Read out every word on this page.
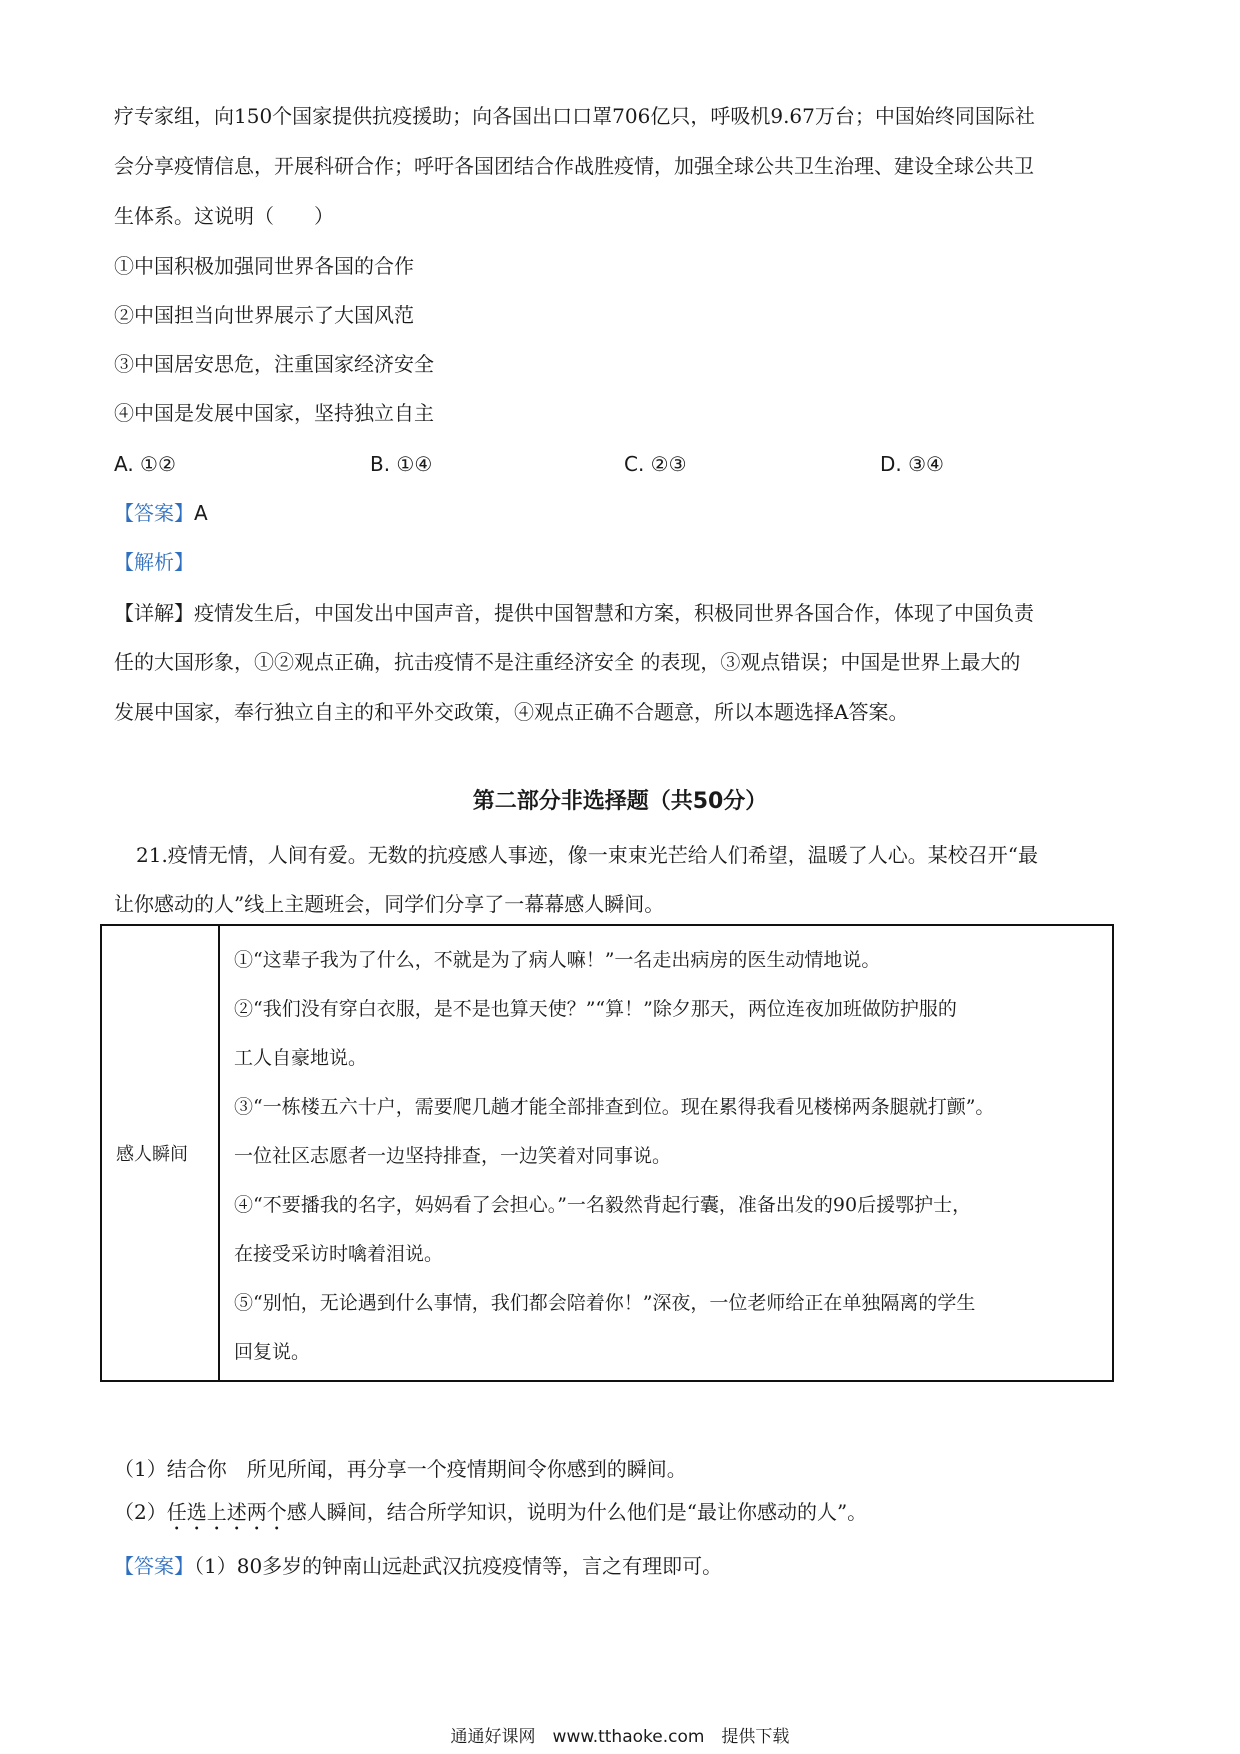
疗专家组，向150个国家提供抗疫援助；向各国出口口罩706亿只，呼吸机9.67万台；中国始终同国际社

会分享疫情信息，开展科研合作；呼吁各国团结合作战胜疫情，加强全球公共卫生治理、建设全球公共卫

生体系。这说明（　　）

①中国积极加强同世界各国的合作

②中国担当向世界展示了大国风范

③中国居安思危，注重国家经济安全

④中国是发展中国家，坚持独立自主

A. ①②	B. ①④	C. ②③	D. ③④

【答案】A

【解析】

【详解】疫情发生后，中国发出中国声音，提供中国智慧和方案，积极同世界各国合作，体现了中国负责

任的大国形象，①②观点正确，抗击疫情不是注重经济安全 的表现，③观点错误；中国是世界上最大的

发展中国家，奉行独立自主的和平外交政策，④观点正确不合题意，所以本题选择A答案。

第二部分非选择题（共50分）

21.疫情无情，人间有爱。无数的抗疫感人事迹，像一束束光芒给人们希望，温暖了人心。某校召开“最

让你感动的人”线上主题班会，同学们分享了一幕幕感人瞬间。

感人瞬间

①“这辈子我为了什么，不就是为了病人嘛！”一名走出病房的医生动情地说。

②“我们没有穿白衣服，是不是也算天使？”“算！”除夕那天，两位连夜加班做防护服的

工人自豪地说。

③“一栋楼五六十户，需要爬几趟才能全部排查到位。现在累得我看见楼梯两条腿就打颤”。

一位社区志愿者一边坚持排查，一边笑着对同事说。

④“不要播我的名字，妈妈看了会担心。”一名毅然背起行囊，准备出发的90后援鄂护士，

在接受采访时噙着泪说。

⑤“别怕，无论遇到什么事情，我们都会陪着你！”深夜，一位老师给正在单独隔离的学生

回复说。

（1）结合你　所见所闻，再分享一个疫情期间令你感到的瞬间。

（2）任选上述两个感人瞬间，结合所学知识，说明为什么他们是“最让你感动的人”。

【答案】（1）80多岁的钟南山远赴武汉抗疫疫情等，言之有理即可。

通通好课网　www.tthaoke.com　提供下载
